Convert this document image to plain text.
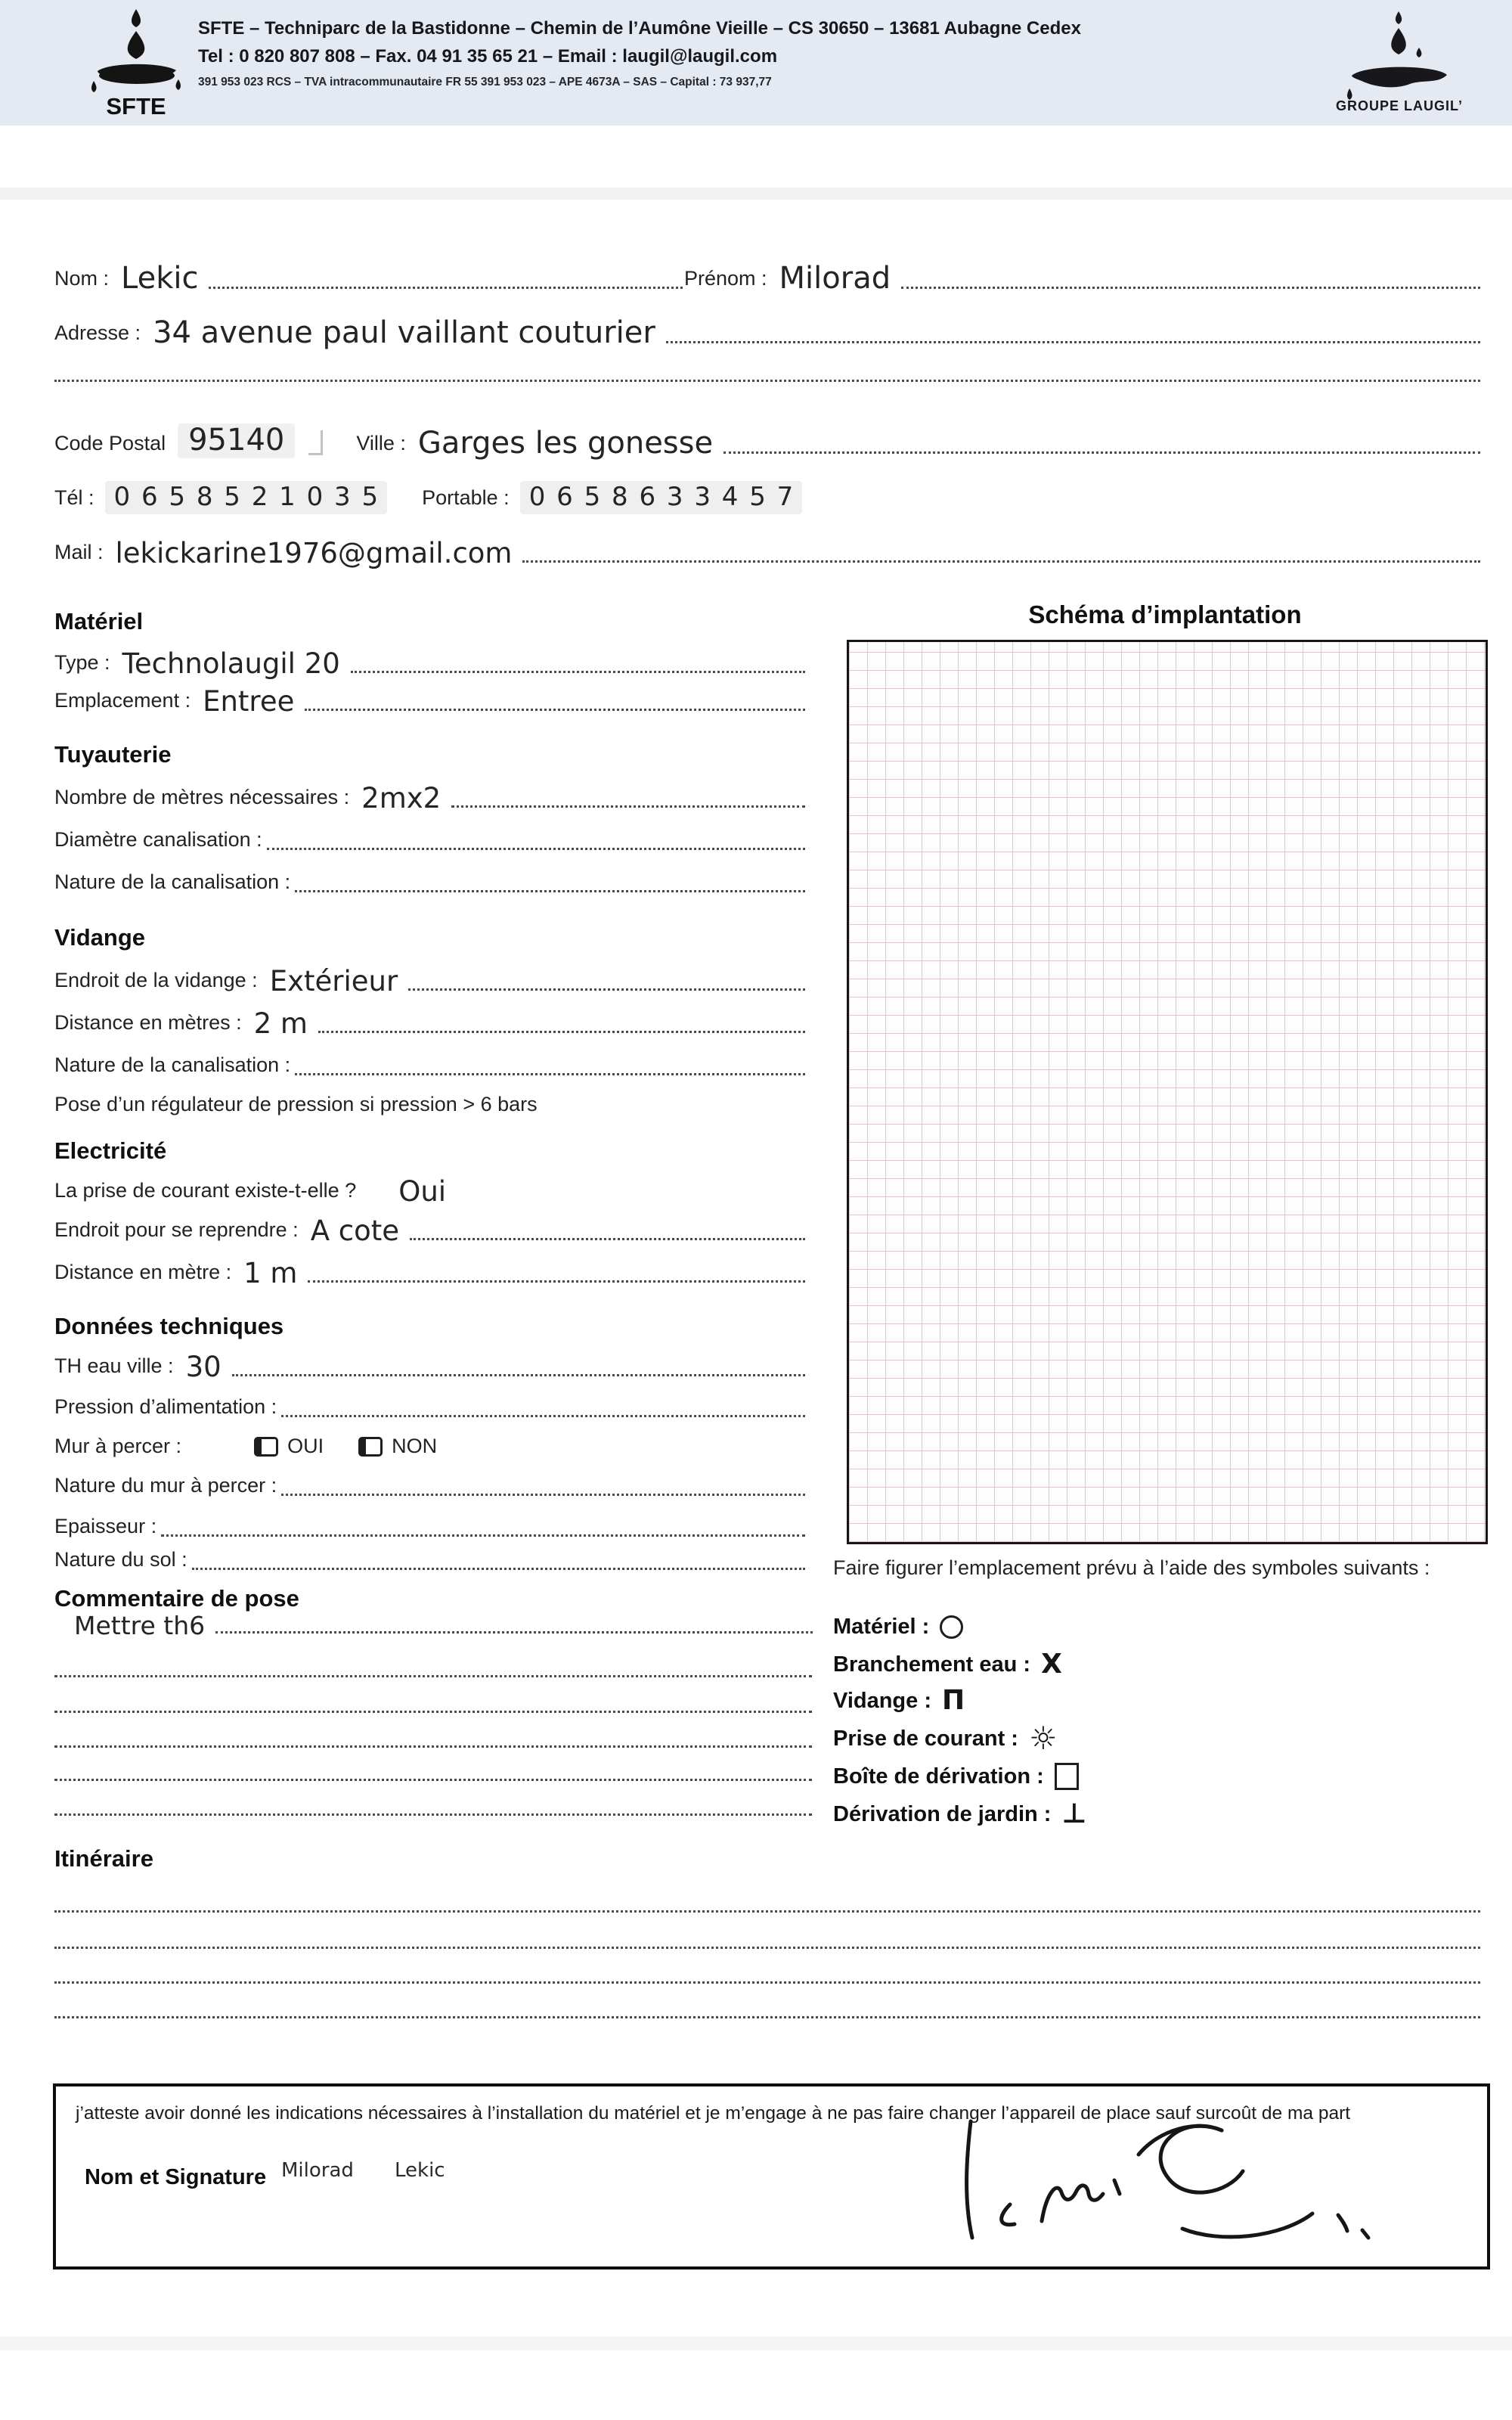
SFTE
SFTE – Techniparc de la Bastidonne – Chemin de l’Aumône Vieille – CS 30650 – 13681 Aubagne Cedex
Tel : 0 820 807 808 – Fax. 04 91 35 65 21 – Email : laugil@laugil.com
391 953 023 RCS – TVA intracommunautaire FR 55 391 953 023 – APE 4673A – SAS – Capital : 73 937,77
GROUPE LAUGIL’
Nom : Lekic	Prénom : Milorad
Adresse : 34 avenue paul vaillant couturier
Code Postal 95140	Ville : Garges les gonesse
Tél : 0 6 5 8 5 2 1 0 3 5	Portable : 0 6 5 8 6 3 3 4 5 7
Mail : lekickarine1976@gmail.com
Matériel
Type : Technolaugil 20
Emplacement : Entree
Tuyauterie
Nombre de mètres nécessaires : 2mx2
Diamètre canalisation :
Nature de la canalisation :
Vidange
Endroit de la vidange : Extérieur
Distance en mètres : 2 m
Nature de la canalisation :
Pose d’un régulateur de pression si pression > 6 bars
Electricité
La prise de courant existe-t-elle ? Oui
Endroit pour se reprendre : A cote
Distance en mètre : 1 m
Données techniques
TH eau ville : 30
Pression d’alimentation :
Mur à percer :	OUI	NON
Nature du mur à percer :
Epaisseur :
Nature du sol :
Commentaire de pose
Mettre th6
Itinéraire
Schéma d’implantation
Faire figurer l’emplacement prévu à l’aide des symboles suivants :
Matériel :
Branchement eau : X
Vidange : Π
Prise de courant : ☼
Boîte de dérivation :
Dérivation de jardin : ⊥
j’atteste avoir donné les indications nécessaires à l’installation du matériel et je m’engage à ne pas faire changer l’appareil de place sauf surcoût de ma part
Nom et Signature Milorad Lekic
